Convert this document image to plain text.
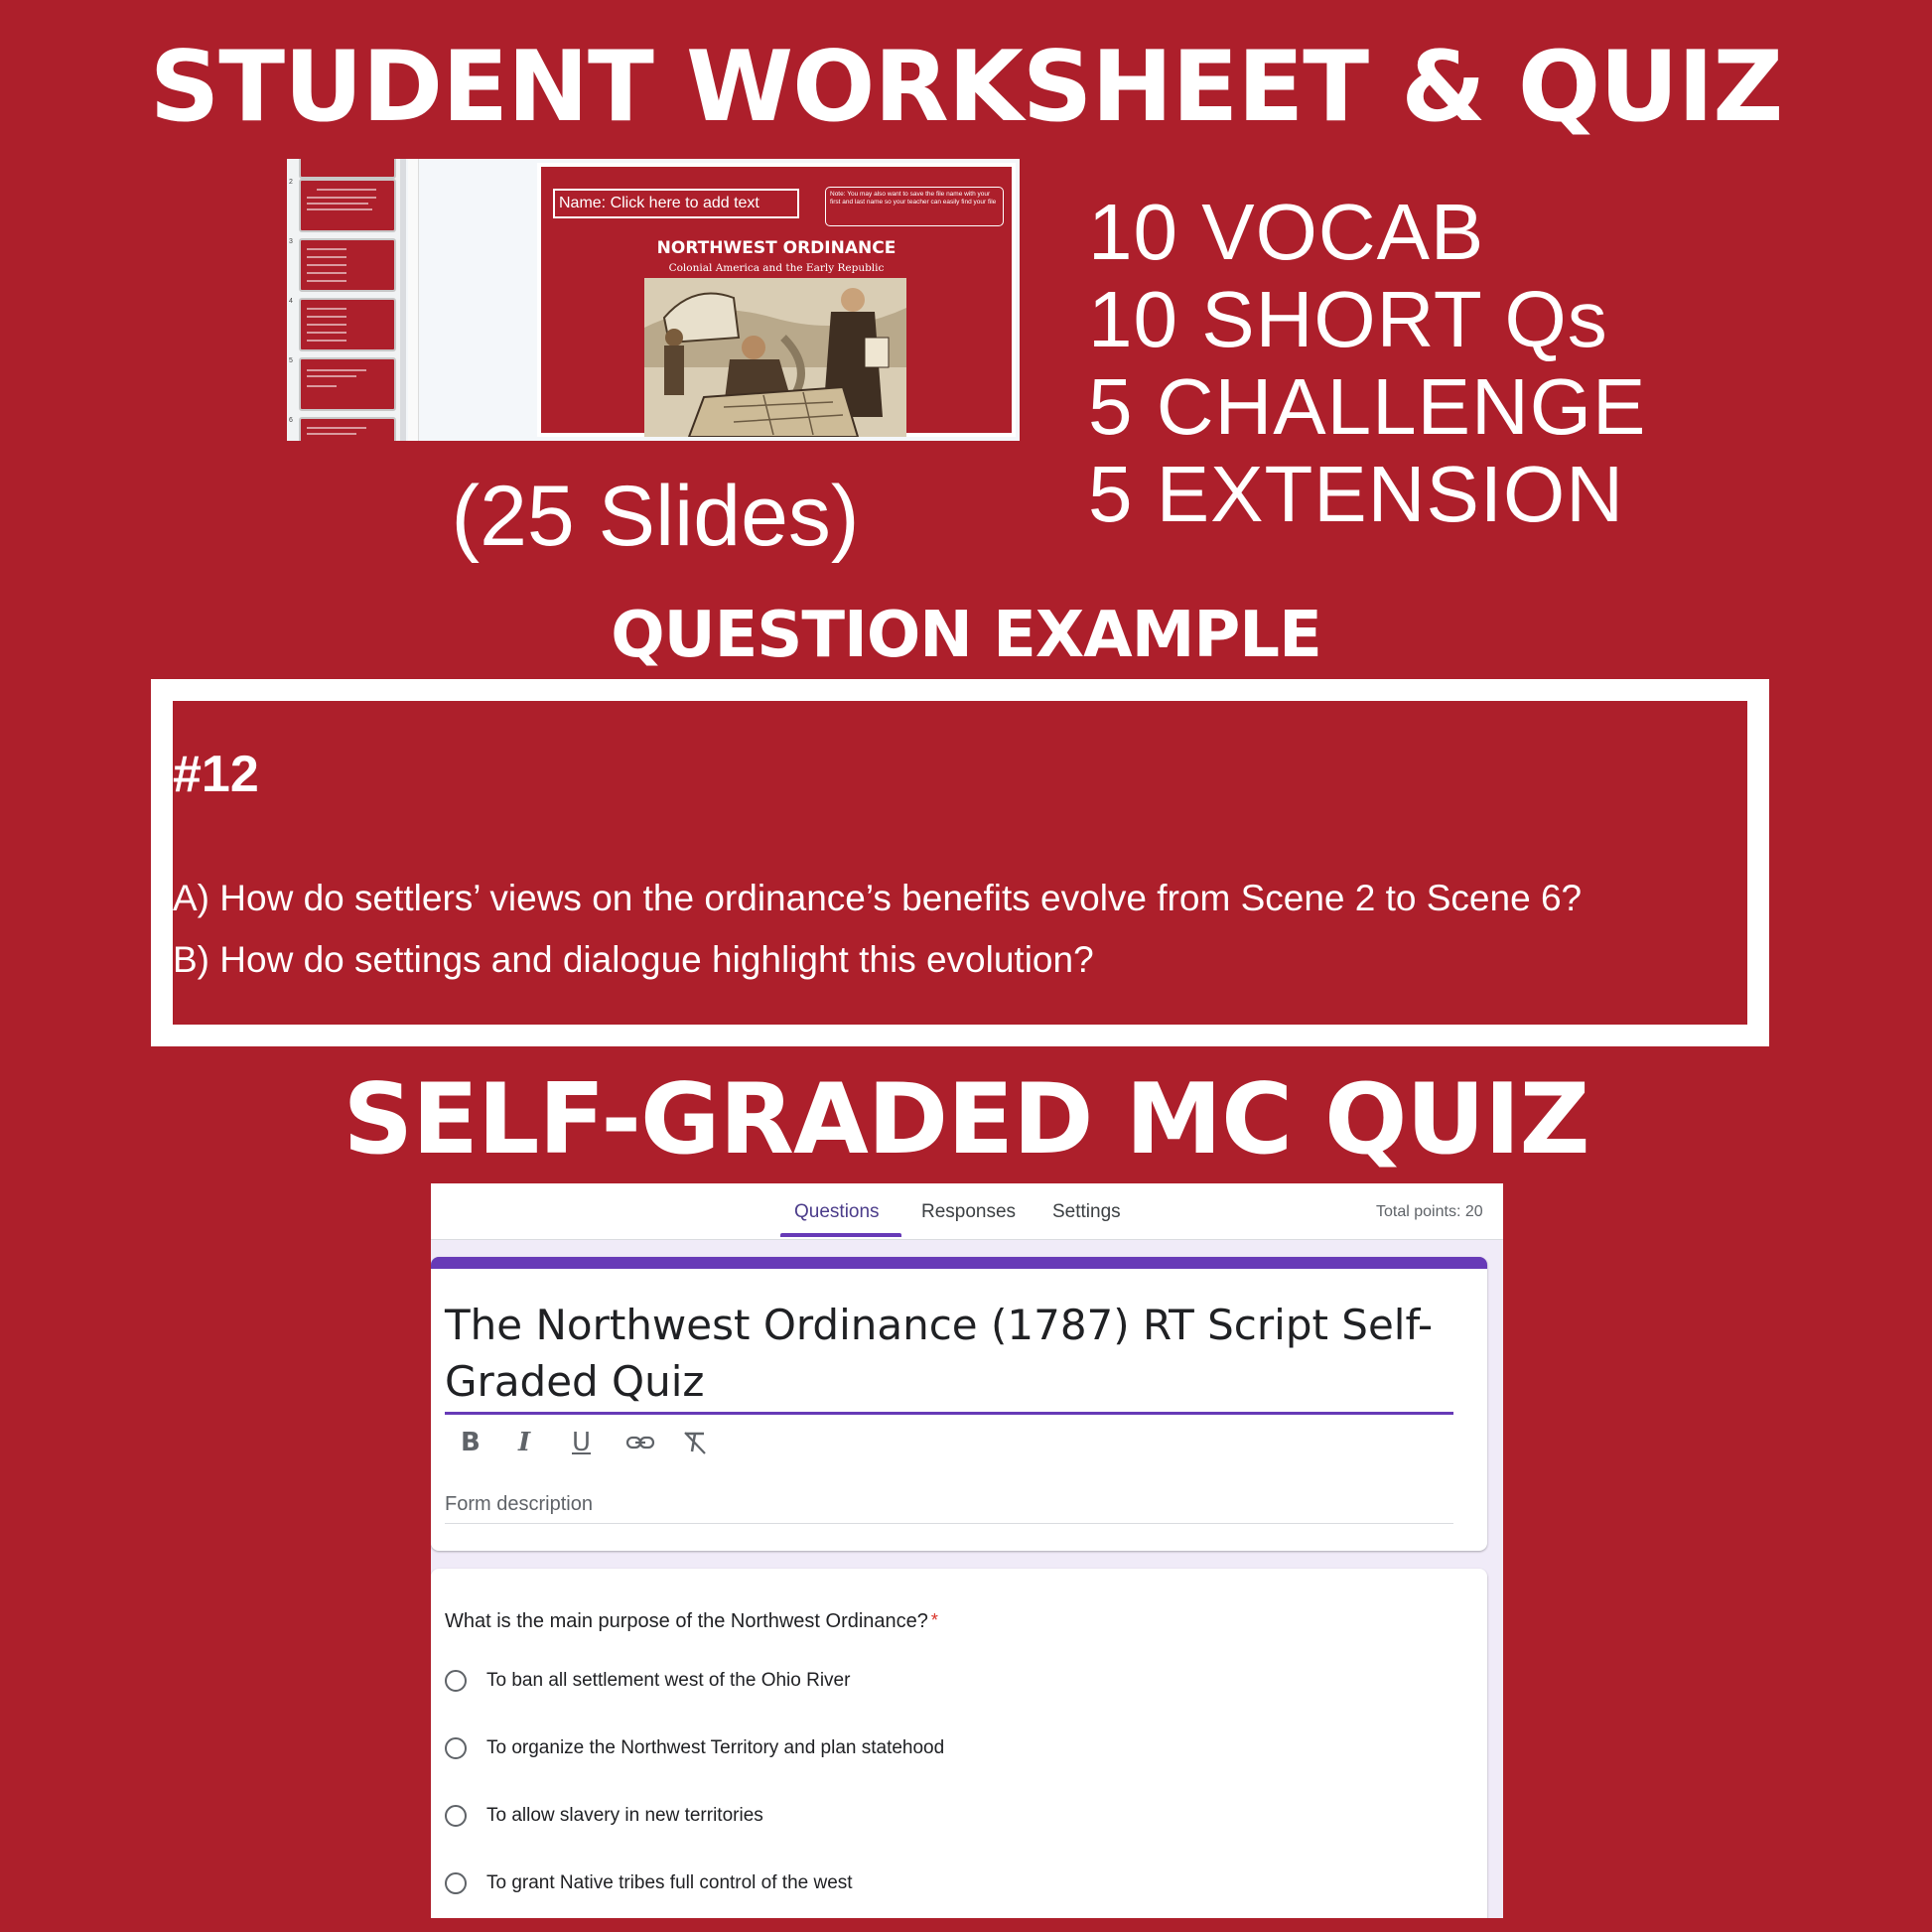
STUDENT WORKSHEET & QUIZ
2
3
4
5
6
Name: Click here to add text
Note: You may also want to save the file name with your first and last name so your teacher can easily find your file
NORTHWEST ORDINANCE
Colonial America and the Early Republic
(25 Slides)
10 VOCAB
10 SHORT Qs
5 CHALLENGE
5 EXTENSION
QUESTION EXAMPLE
#12
A) How do settlers’ views on the ordinance’s benefits evolve from Scene 2 to Scene 6?
B) How do settings and dialogue highlight this evolution?
SELF-GRADED MC QUIZ
Questions Responses Settings	Total points: 20
The Northwest Ordinance (1787) RT Script Self-Graded Quiz
B I U
Form description
What is the main purpose of the Northwest Ordinance? *
To ban all settlement west of the Ohio River
To organize the Northwest Territory and plan statehood
To allow slavery in new territories
To grant Native tribes full control of the west
